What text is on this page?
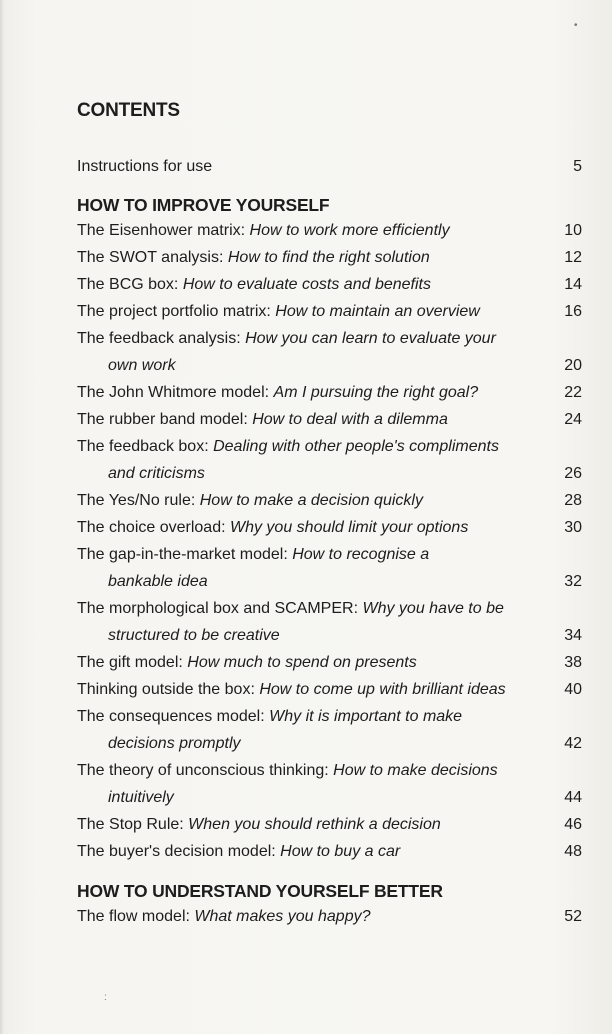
CONTENTS
Instructions for use	5
HOW TO IMPROVE YOURSELF
The Eisenhower matrix: How to work more efficiently	10
The SWOT analysis: How to find the right solution	12
The BCG box: How to evaluate costs and benefits	14
The project portfolio matrix: How to maintain an overview	16
The feedback analysis: How you can learn to evaluate your
own work	20
The John Whitmore model: Am I pursuing the right goal?	22
The rubber band model: How to deal with a dilemma	24
The feedback box: Dealing with other people's compliments
and criticisms	26
The Yes/No rule: How to make a decision quickly	28
The choice overload: Why you should limit your options	30
The gap-in-the-market model: How to recognise a
bankable idea	32
The morphological box and SCAMPER: Why you have to be
structured to be creative	34
The gift model: How much to spend on presents	38
Thinking outside the box: How to come up with brilliant ideas	40
The consequences model: Why it is important to make
decisions promptly	42
The theory of unconscious thinking: How to make decisions
intuitively	44
The Stop Rule: When you should rethink a decision	46
The buyer's decision model: How to buy a car	48
HOW TO UNDERSTAND YOURSELF BETTER
The flow model: What makes you happy?	52
•
:
